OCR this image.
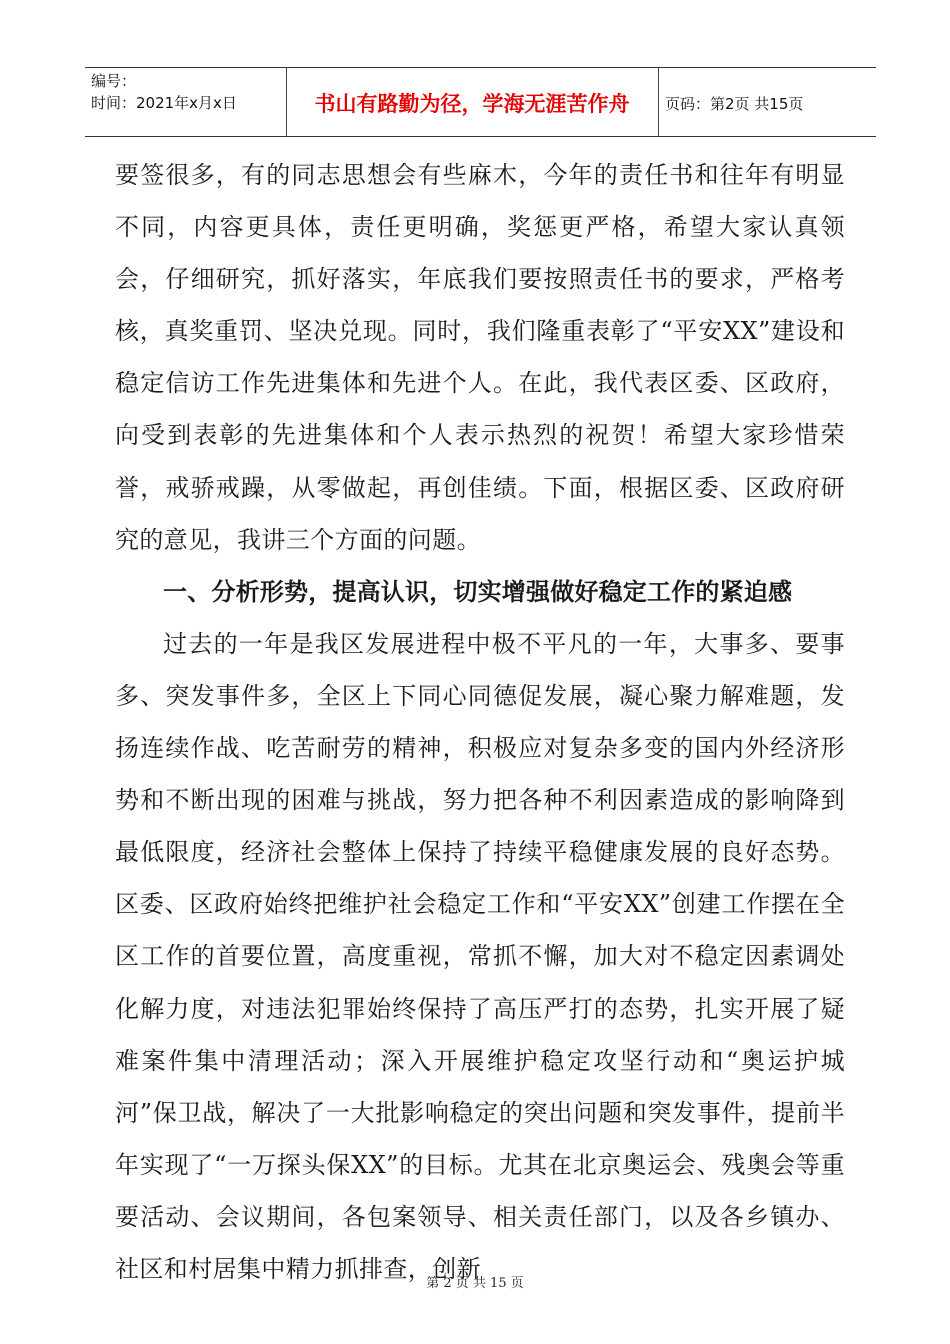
编号：
时间：2021年x月x日	书山有路勤为径，学海无涯苦作舟	页码：第2页 共15页

要签很多，有的同志思想会有些麻木，今年的责任书和往年有明显不同，内容更具体，责任更明确，奖惩更严格，希望大家认真领会，仔细研究，抓好落实，年底我们要按照责任书的要求，严格考核，真奖重罚、坚决兑现。同时，我们隆重表彰了“平安XX”建设和稳定信访工作先进集体和先进个人。在此，我代表区委、区政府，向受到表彰的先进集体和个人表示热烈的祝贺！希望大家珍惜荣誉，戒骄戒躁，从零做起，再创佳绩。下面，根据区委、区政府研究的意见，我讲三个方面的问题。

一、分析形势，提高认识，切实增强做好稳定工作的紧迫感

过去的一年是我区发展进程中极不平凡的一年，大事多、要事多、突发事件多，全区上下同心同德促发展，凝心聚力解难题，发扬连续作战、吃苦耐劳的精神，积极应对复杂多变的国内外经济形势和不断出现的困难与挑战，努力把各种不利因素造成的影响降到最低限度，经济社会整体上保持了持续平稳健康发展的良好态势。区委、区政府始终把维护社会稳定工作和“平安XX”创建工作摆在全区工作的首要位置，高度重视，常抓不懈，加大对不稳定因素调处化解力度，对违法犯罪始终保持了高压严打的态势，扎实开展了疑难案件集中清理活动；深入开展维护稳定攻坚行动和“奥运护城河”保卫战，解决了一大批影响稳定的突出问题和突发事件，提前半年实现了“一万探头保XX”的目标。尤其在北京奥运会、残奥会等重要活动、会议期间，各包案领导、相关责任部门，以及各乡镇办、社区和村居集中精力抓排查，创新

第 2 页 共 15 页
